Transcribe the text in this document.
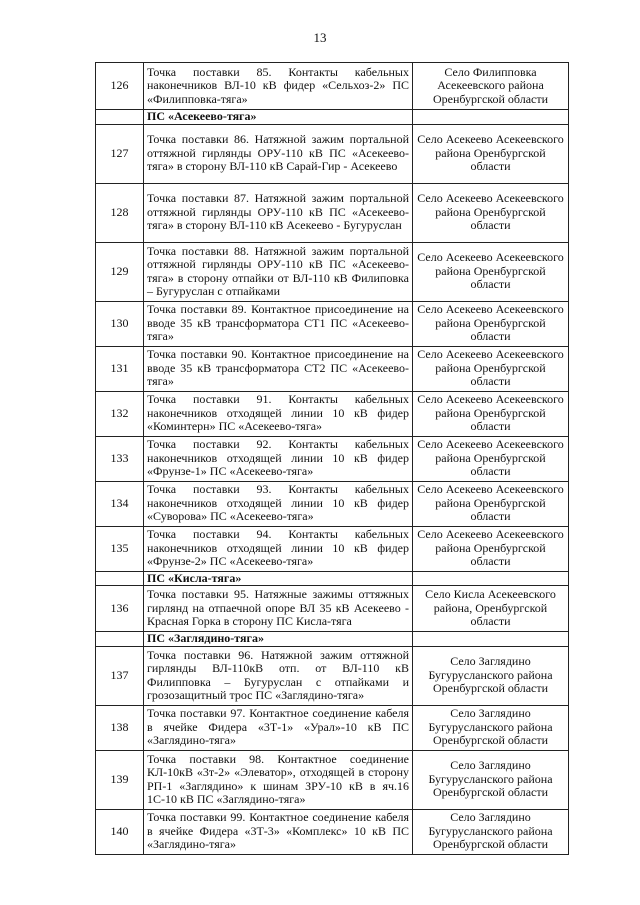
13
126	Точка поставки 85. Контакты кабельных наконечников ВЛ-10 кВ фидер «Сельхоз-2» ПС «Филипповка-тяга»	Село Филипповка Асекеевского района Оренбургской области
	ПС «Асекеево-тяга»	
127	Точка поставки 86. Натяжной зажим портальной оттяжной гирлянды ОРУ-110 кВ ПС «Асекеево-тяга» в сторону ВЛ-110 кВ Сарай-Гир - Асекеево	Село Асекеево Асекеевского района Оренбургской области
128	Точка поставки 87. Натяжной зажим портальной оттяжной гирлянды ОРУ-110 кВ ПС «Асекеево-тяга» в сторону ВЛ-110 кВ Асекеево - Бугуруслан	Село Асекеево Асекеевского района Оренбургской области
129	Точка поставки 88. Натяжной зажим портальной оттяжной гирлянды ОРУ-110 кВ ПС «Асекеево-тяга» в сторону отпайки от ВЛ-110 кВ Филиповка – Бугуруслан с отпайками	Село Асекеево Асекеевского района Оренбургской области
130	Точка поставки 89. Контактное присоединение на вводе 35 кВ трансформатора СТ1 ПС «Асекеево-тяга»	Село Асекеево Асекеевского района Оренбургской области
131	Точка поставки 90. Контактное присоединение на вводе 35 кВ трансформатора СТ2 ПС «Асекеево-тяга»	Село Асекеево Асекеевского района Оренбургской области
132	Точка поставки 91. Контакты кабельных наконечников отходящей линии 10 кВ фидер «Коминтерн» ПС «Асекеево-тяга»	Село Асекеево Асекеевского района Оренбургской области
133	Точка поставки 92. Контакты кабельных наконечников отходящей линии 10 кВ фидер «Фрунзе-1» ПС «Асекеево-тяга»	Село Асекеево Асекеевского района Оренбургской области
134	Точка поставки 93. Контакты кабельных наконечников отходящей линии 10 кВ фидер «Суворова» ПС «Асекеево-тяга»	Село Асекеево Асекеевского района Оренбургской области
135	Точка поставки 94. Контакты кабельных наконечников отходящей линии 10 кВ фидер «Фрунзе-2» ПС «Асекеево-тяга»	Село Асекеево Асекеевского района Оренбургской области
	ПС «Кисла-тяга»	
136	Точка поставки 95. Натяжные зажимы оттяжных гирлянд на отпаечной опоре ВЛ 35 кВ Асекеево - Красная Горка в сторону ПС Кисла-тяга	Село Кисла Асекеевского района, Оренбургской области
	ПС «Заглядино-тяга»	
137	Точка поставки 96. Натяжной зажим оттяжной гирлянды ВЛ-110кВ отп. от ВЛ-110 кВ Филипповка – Бугуруслан с отпайками и грозозащитный трос ПС «Заглядино-тяга»	Село Заглядино Бугурусланского района Оренбургской области
138	Точка поставки 97. Контактное соединение кабеля в ячейке Фидера «3Т-1» «Урал»-10 кВ ПС «Заглядино-тяга»	Село Заглядино Бугурусланского района Оренбургской области
139	Точка поставки 98. Контактное соединение КЛ-10кВ «3т-2» «Элеватор», отходящей в сторону РП-1 «Заглядино» к шинам ЗРУ-10 кВ в яч.16 1С-10 кВ ПС «Заглядино-тяга»	Село Заглядино Бугурусланского района Оренбургской области
140	Точка поставки 99. Контактное соединение кабеля в ячейке Фидера «3Т-3» «Комплекс» 10 кВ ПС «Заглядино-тяга»	Село Заглядино Бугурусланского района Оренбургской области
